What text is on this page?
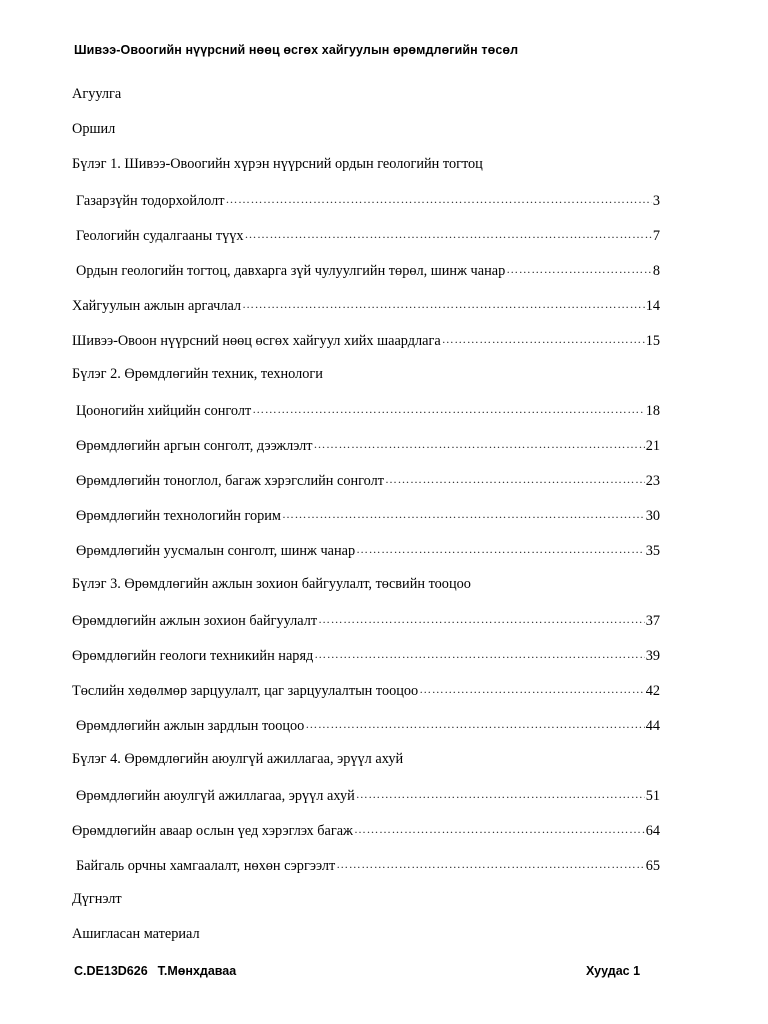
Шивээ-Овоогийн нүүрсний нөөц өсгөх хайгуулын өрөмдлөгийн төсөл
Агуулга
Оршил
Бүлэг 1. Шивээ-Овоогийн хүрэн нүүрсний ордын геологийн тогтоц
Газарзүйн тодорхойлолт ………………………………………………………………………………………………………………………………………………	3
Геологийн судалгааны түүх ………………………………………………………………………………………………………………………………………………	7
Ордын геологийн тогтоц, давхарга зүй чулуулгийн төрөл, шинж чанар ………………………………………………………………………………………………………………………………………………	8
Хайгуулын ажлын аргачлал ………………………………………………………………………………………………………………………………………………	14
Шивээ-Овоон нүүрсний нөөц өсгөх хайгуул хийх шаардлага ………………………………………………………………………………………………………………………………………………	15
Бүлэг 2. Өрөмдлөгийн техник, технологи
Цооногийн хийцийн сонголт ………………………………………………………………………………………………………………………………………………	18
Өрөмдлөгийн аргын сонголт, дээжлэлт ………………………………………………………………………………………………………………………………………………	21
Өрөмдлөгийн тоноглол, багаж хэрэгслийн сонголт ………………………………………………………………………………………………………………………………………………	23
Өрөмдлөгийн технологийн горим ………………………………………………………………………………………………………………………………………………	30
Өрөмдлөгийн уусмалын сонголт, шинж чанар ………………………………………………………………………………………………………………………………………………	35
Бүлэг 3. Өрөмдлөгийн ажлын зохион байгуулалт, төсвийн тооцоо
Өрөмдлөгийн ажлын зохион байгуулалт ………………………………………………………………………………………………………………………………………………	37
Өрөмдлөгийн геологи техникийн наряд ………………………………………………………………………………………………………………………………………………	39
Төслийн хөдөлмөр зарцуулалт, цаг зарцуулалтын тооцоо ………………………………………………………………………………………………………………………………………………	42
Өрөмдлөгийн ажлын зардлын тооцоо ………………………………………………………………………………………………………………………………………………	44
Бүлэг 4. Өрөмдлөгийн аюулгүй ажиллагаа, эрүүл ахуй
Өрөмдлөгийн аюулгүй ажиллагаа, эрүүл ахуй ………………………………………………………………………………………………………………………………………………	51
Өрөмдлөгийн аваар ослын үед хэрэглэх багаж ………………………………………………………………………………………………………………………………………………	64
Байгаль орчны хамгаалалт, нөхөн сэргээлт ………………………………………………………………………………………………………………………………………………	65
Дүгнэлт
Ашигласан материал
C.DE13D626 Т.Мөнхдаваа	Хуудас 1
